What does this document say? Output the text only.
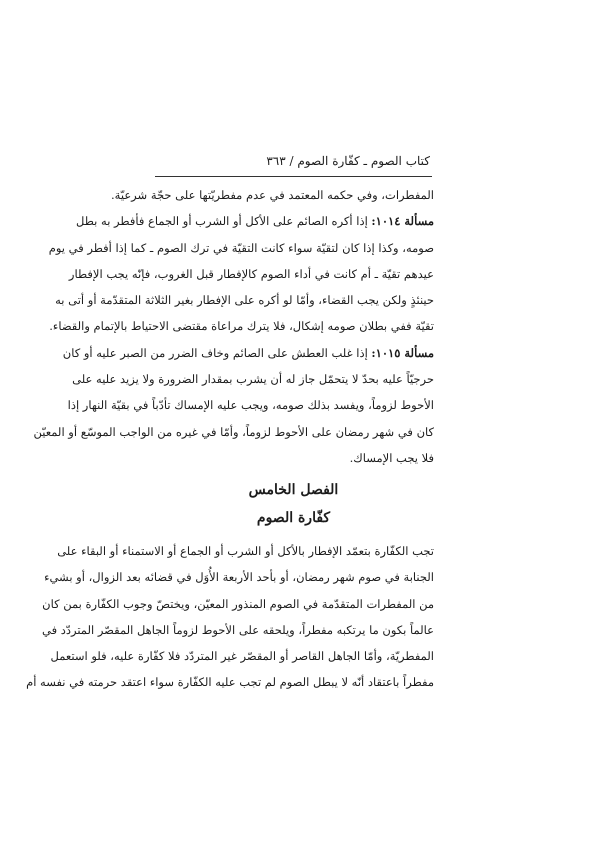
كتاب الصوم ـ كفّارة الصوم / ٣٦٣
المفطرات، وفي حكمه المعتمد في عدم مفطريّتها على حجّة شرعيّة.
مسألة ١٠١٤: إذا أكره الصائم على الأكل أو الشرب أو الجماع فأفطر به بطل
صومه، وكذا إذا كان لتقيّة سواء كانت التقيّة في ترك الصوم ـ كما إذا أفطر في يوم
عيدهم تقيّة ـ أم كانت في أداء الصوم كالإفطار قبل الغروب، فإنّه يجب الإفطار
حينئذٍ ولكن يجب القضاء، وأمّا لو أكره على الإفطار بغير الثلاثة المتقدّمة أو أتى به
تقيّة ففي بطلان صومه إشكال، فلا يترك مراعاة مقتضى الاحتياط بالإتمام والقضاء.
مسألة ١٠١٥: إذا غلب العطش على الصائم وخاف الضرر من الصبر عليه أو كان
حرجيّاً عليه بحدّ لا يتحمّل جاز له أن يشرب بمقدار الضرورة ولا يزيد عليه على
الأحوط لزوماً، ويفسد بذلك صومه، ويجب عليه الإمساك تأدّباً في بقيّة النهار إذا
كان في شهر رمضان على الأحوط لزوماً، وأمّا في غيره من الواجب الموسّع أو المعيّن
فلا يجب الإمساك.
الفصل الخامس
كفّارة الصوم
تجب الكفّارة بتعمّد الإفطار بالأكل أو الشرب أو الجماع أو الاستمناء أو البقاء على
الجنابة في صوم شهر رمضان، أو بأحد الأربعة الأُوَل في قضائه بعد الزوال، أو بشيء
من المفطرات المتقدّمة في الصوم المنذور المعيّن، ويختصّ وجوب الكفّارة بمن كان
عالماً بكون ما يرتكبه مفطراً، ويلحقه على الأحوط لزوماً الجاهل المقصّر المتردّد في
المفطريّة، وأمّا الجاهل القاصر أو المقصّر غير المتردّد فلا كفّارة عليه، فلو استعمل
مفطراً باعتقاد أنّه لا يبطل الصوم لم تجب عليه الكفّارة سواء اعتقد حرمته في نفسه أم
